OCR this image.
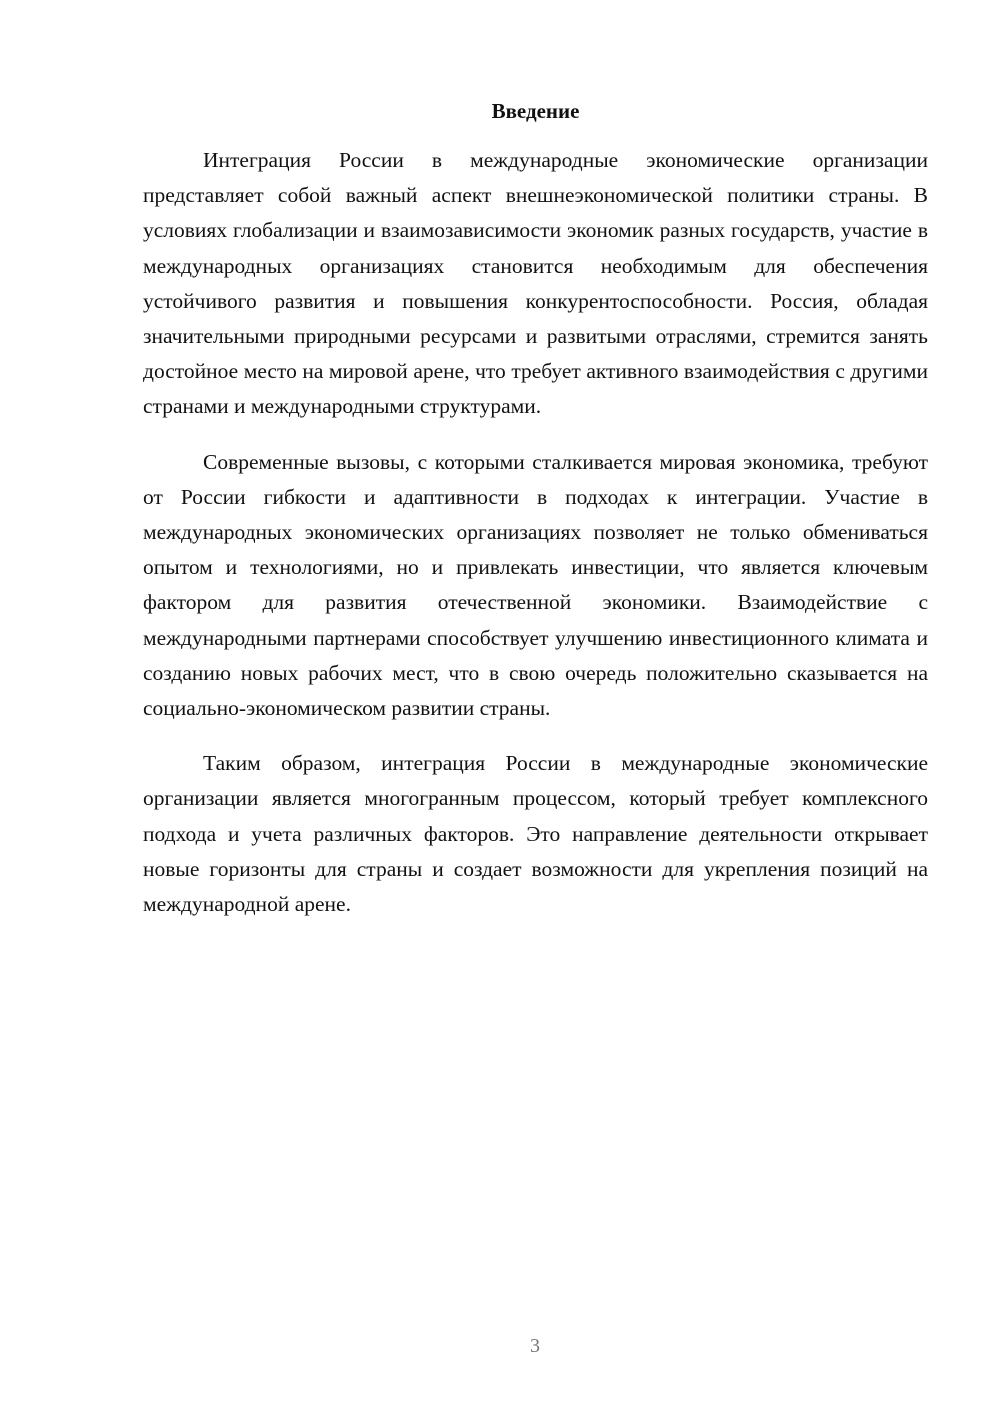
Введение

Интеграция России в международные экономические организации представляет собой важный аспект внешнеэкономической политики страны. В условиях глобализации и взаимозависимости экономик разных государств, участие в международных организациях становится необходимым для обеспечения устойчивого развития и повышения конкурентоспособности. Россия, обладая значительными природными ресурсами и развитыми отраслями, стремится занять достойное место на мировой арене, что требует активного взаимодействия с другими странами и международными структурами.

Современные вызовы, с которыми сталкивается мировая экономика, требуют от России гибкости и адаптивности в подходах к интеграции. Участие в международных экономических организациях позволяет не только обмениваться опытом и технологиями, но и привлекать инвестиции, что является ключевым фактором для развития отечественной экономики. Взаимодействие с международными партнерами способствует улучшению инвестиционного климата и созданию новых рабочих мест, что в свою очередь положительно сказывается на социально-экономическом развитии страны.

Таким образом, интеграция России в международные экономические организации является многогранным процессом, который требует комплексного подхода и учета различных факторов. Это направление деятельности открывает новые горизонты для страны и создает возможности для укрепления позиций на международной арене.

3
